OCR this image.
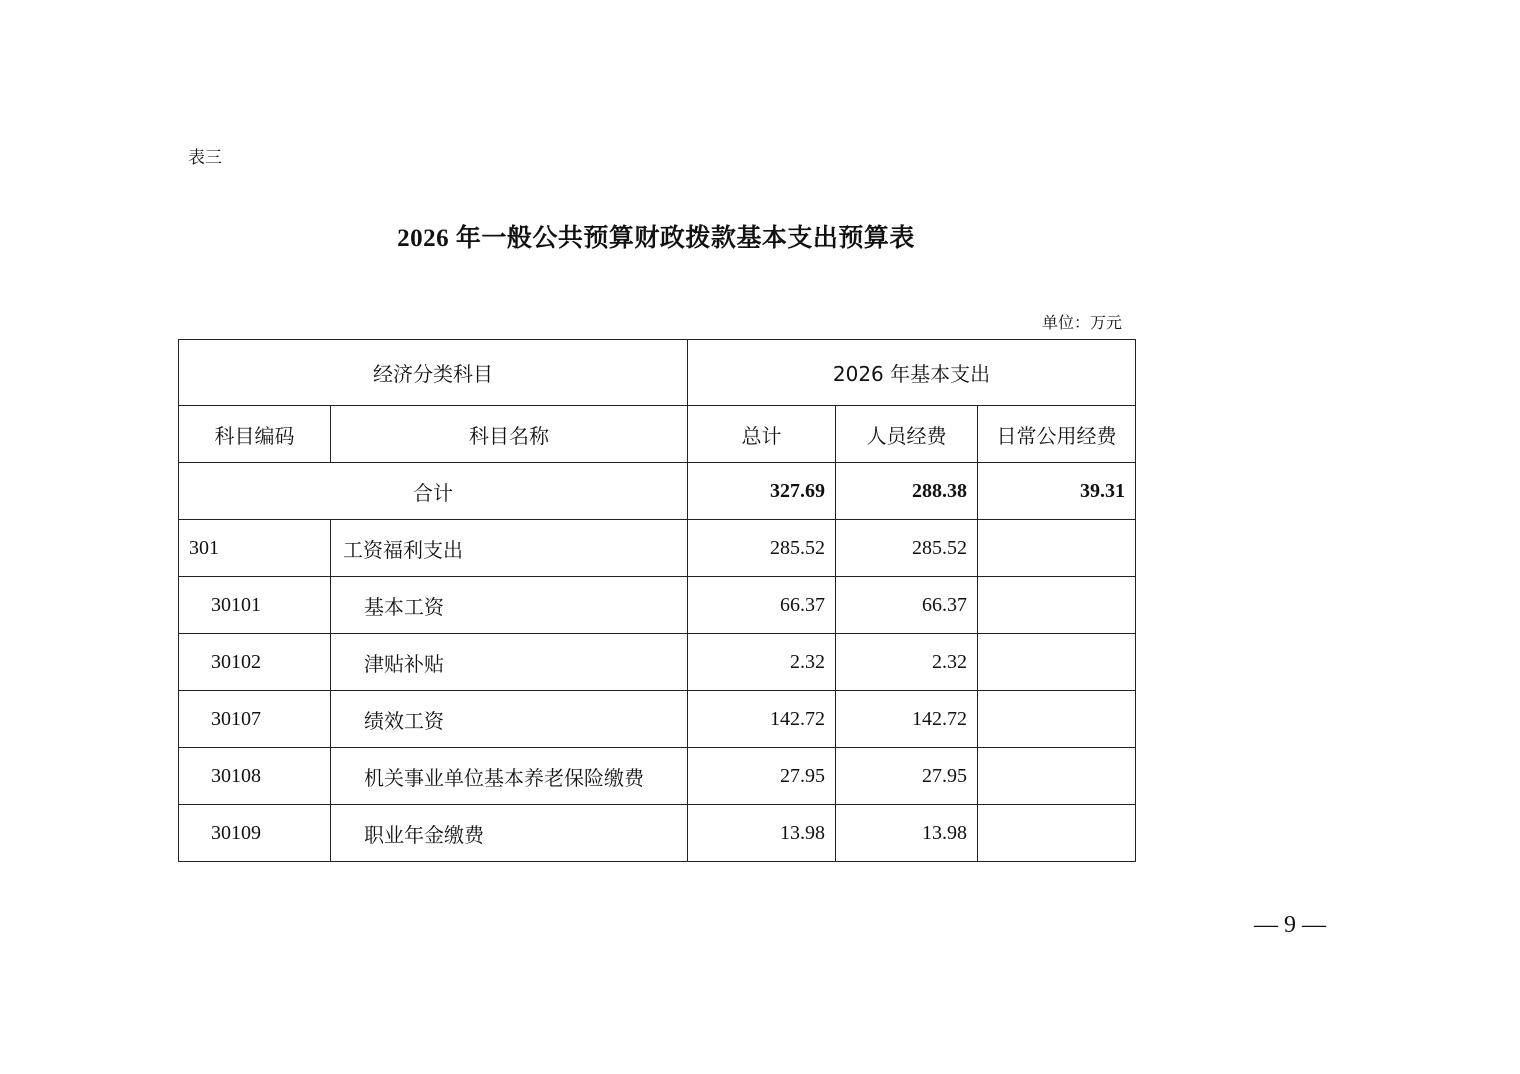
表三
2026 年一般公共预算财政拨款基本支出预算表
单位：万元
经济分类科目		2026 年基本支出		
科目编码	科目名称	总计	人员经费	日常公用经费
合计		327.69	288.38	39.31
301	工资福利支出	285.52	285.52	
30101	基本工资	66.37	66.37	
30102	津贴补贴	2.32	2.32	
30107	绩效工资	142.72	142.72	
30108	机关事业单位基本养老保险缴费	27.95	27.95	
30109	职业年金缴费	13.98	13.98	
— 9 —
